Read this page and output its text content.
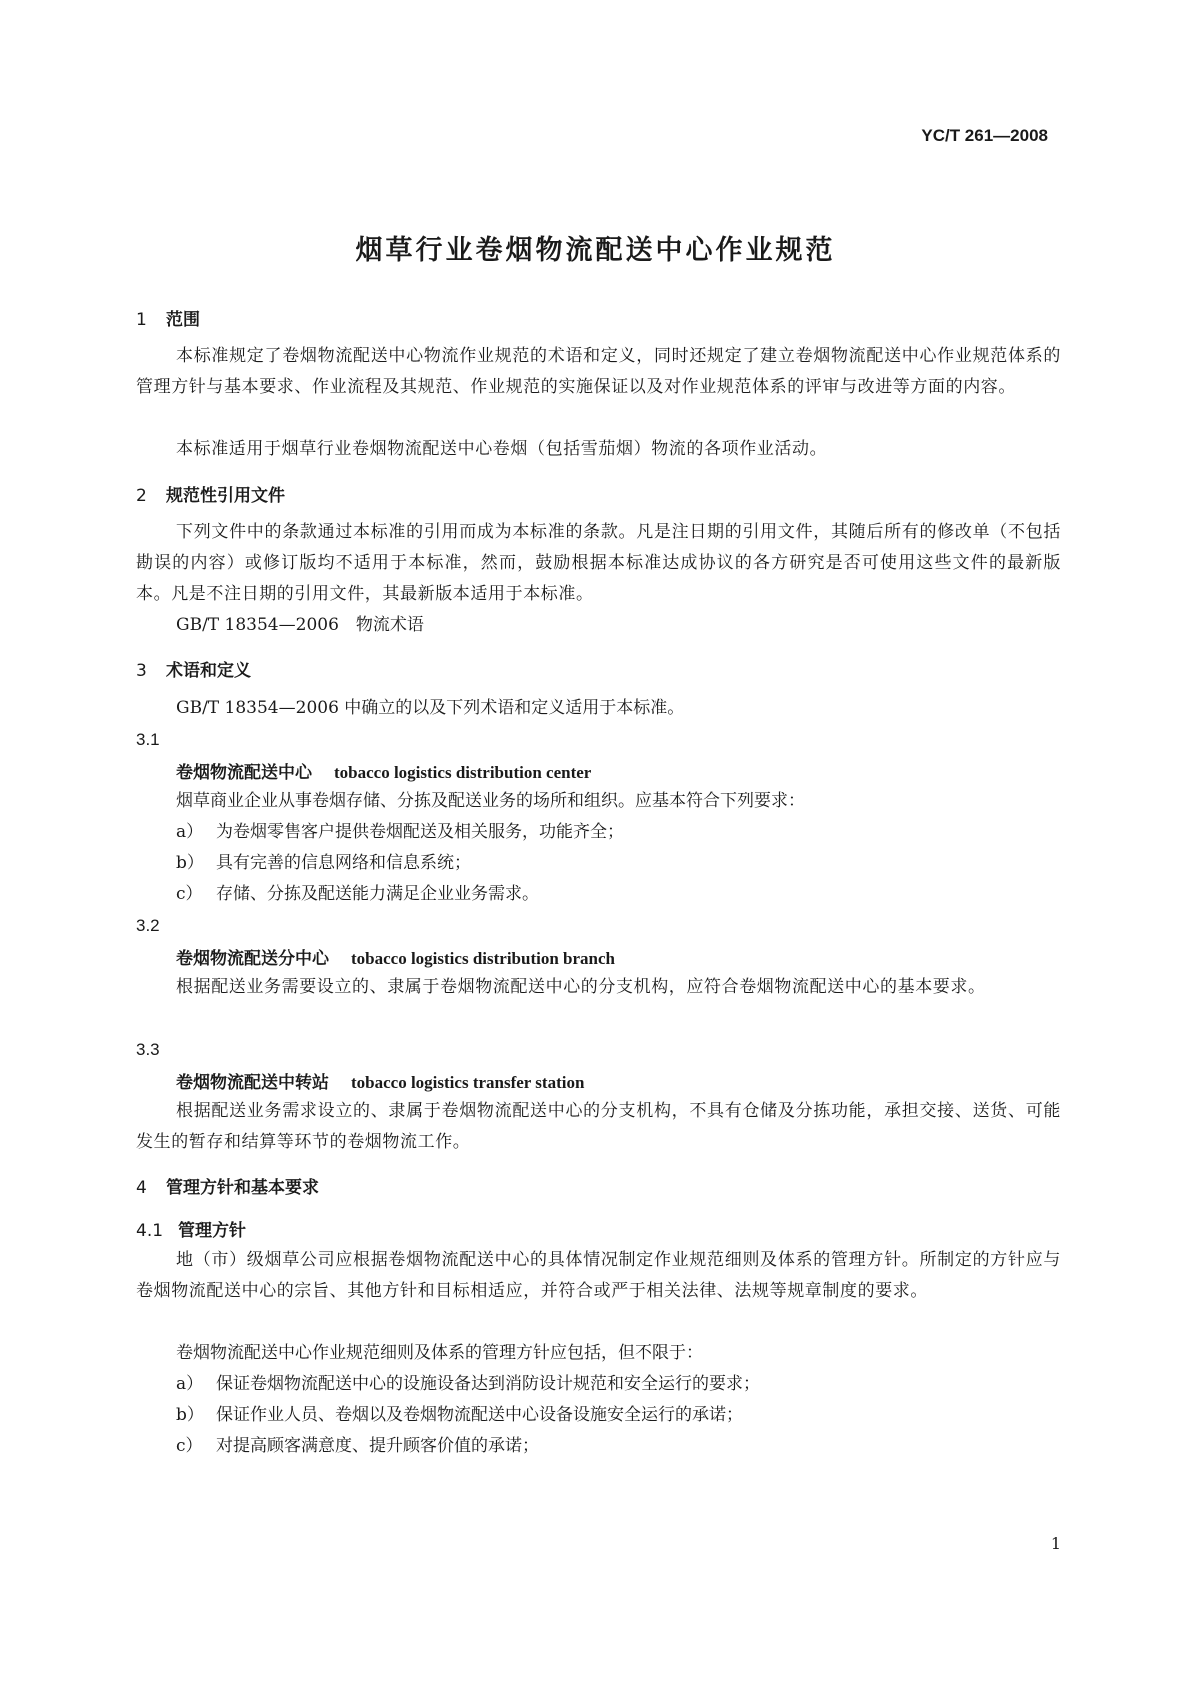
YC/T 261—2008
烟草行业卷烟物流配送中心作业规范
1 范围
本标准规定了卷烟物流配送中心物流作业规范的术语和定义，同时还规定了建立卷烟物流配送中心作业规范体系的管理方针与基本要求、作业流程及其规范、作业规范的实施保证以及对作业规范体系的评审与改进等方面的内容。
本标准适用于烟草行业卷烟物流配送中心卷烟（包括雪茄烟）物流的各项作业活动。
2 规范性引用文件
下列文件中的条款通过本标准的引用而成为本标准的条款。凡是注日期的引用文件，其随后所有的修改单（不包括勘误的内容）或修订版均不适用于本标准，然而，鼓励根据本标准达成协议的各方研究是否可使用这些文件的最新版本。凡是不注日期的引用文件，其最新版本适用于本标准。
GB/T 18354—2006　物流术语
3 术语和定义
GB/T 18354—2006 中确立的以及下列术语和定义适用于本标准。
3.1
卷烟物流配送中心 tobacco logistics distribution center
烟草商业企业从事卷烟存储、分拣及配送业务的场所和组织。应基本符合下列要求：
a） 为卷烟零售客户提供卷烟配送及相关服务，功能齐全；
b） 具有完善的信息网络和信息系统；
c） 存储、分拣及配送能力满足企业业务需求。
3.2
卷烟物流配送分中心 tobacco logistics distribution branch
根据配送业务需要设立的、隶属于卷烟物流配送中心的分支机构，应符合卷烟物流配送中心的基本要求。
3.3
卷烟物流配送中转站 tobacco logistics transfer station
根据配送业务需求设立的、隶属于卷烟物流配送中心的分支机构，不具有仓储及分拣功能，承担交接、送货、可能发生的暂存和结算等环节的卷烟物流工作。
4 管理方针和基本要求
4.1 管理方针
地（市）级烟草公司应根据卷烟物流配送中心的具体情况制定作业规范细则及体系的管理方针。所制定的方针应与卷烟物流配送中心的宗旨、其他方针和目标相适应，并符合或严于相关法律、法规等规章制度的要求。
卷烟物流配送中心作业规范细则及体系的管理方针应包括，但不限于：
a） 保证卷烟物流配送中心的设施设备达到消防设计规范和安全运行的要求；
b） 保证作业人员、卷烟以及卷烟物流配送中心设备设施安全运行的承诺；
c） 对提高顾客满意度、提升顾客价值的承诺；
1
